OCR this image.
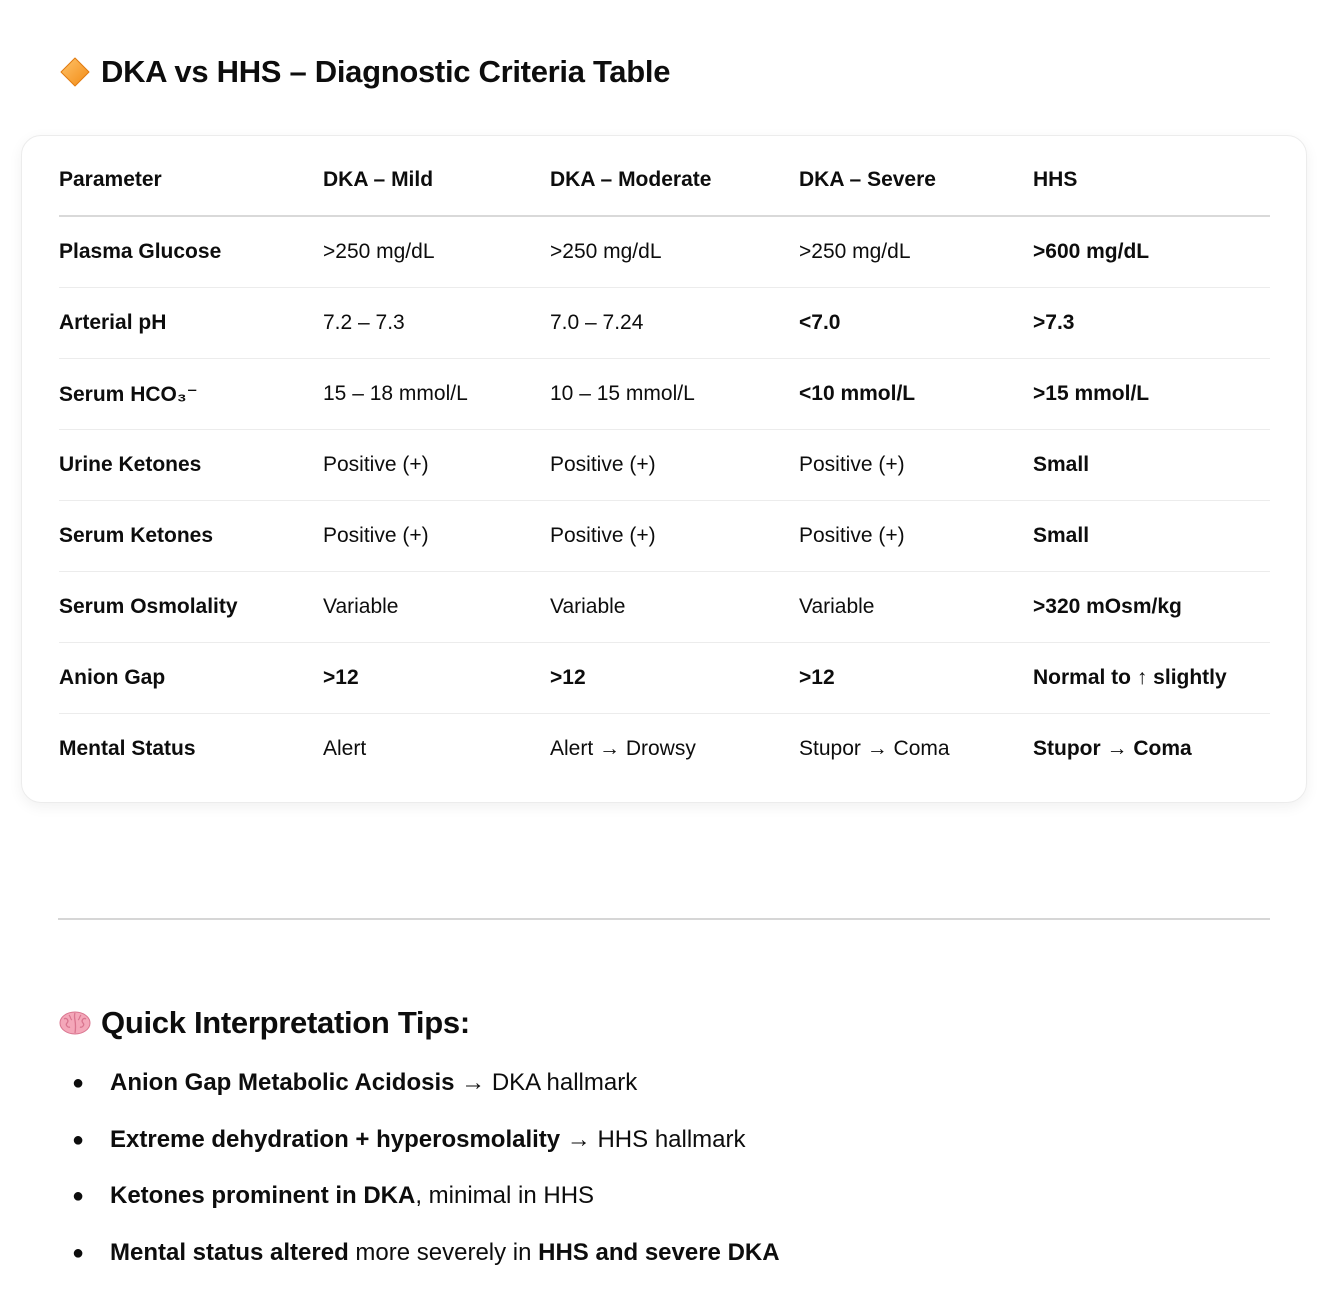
DKA vs HHS – Diagnostic Criteria Table
Parameter	DKA – Mild	DKA – Moderate	DKA – Severe	HHS
Plasma Glucose	>250 mg/dL	>250 mg/dL	>250 mg/dL	>600 mg/dL
Arterial pH	7.2 – 7.3	7.0 – 7.24	<7.0	>7.3
Serum HCO₃⁻	15 – 18 mmol/L	10 – 15 mmol/L	<10 mmol/L	>15 mmol/L
Urine Ketones	Positive (+)	Positive (+)	Positive (+)	Small
Serum Ketones	Positive (+)	Positive (+)	Positive (+)	Small
Serum Osmolality	Variable	Variable	Variable	>320 mOsm/kg
Anion Gap	>12	>12	>12	Normal to ↑ slightly
Mental Status	Alert	Alert → Drowsy	Stupor → Coma	Stupor → Coma
Quick Interpretation Tips:
● Anion Gap Metabolic Acidosis → DKA hallmark
● Extreme dehydration + hyperosmolality → HHS hallmark
● Ketones prominent in DKA, minimal in HHS
● Mental status altered more severely in HHS and severe DKA
